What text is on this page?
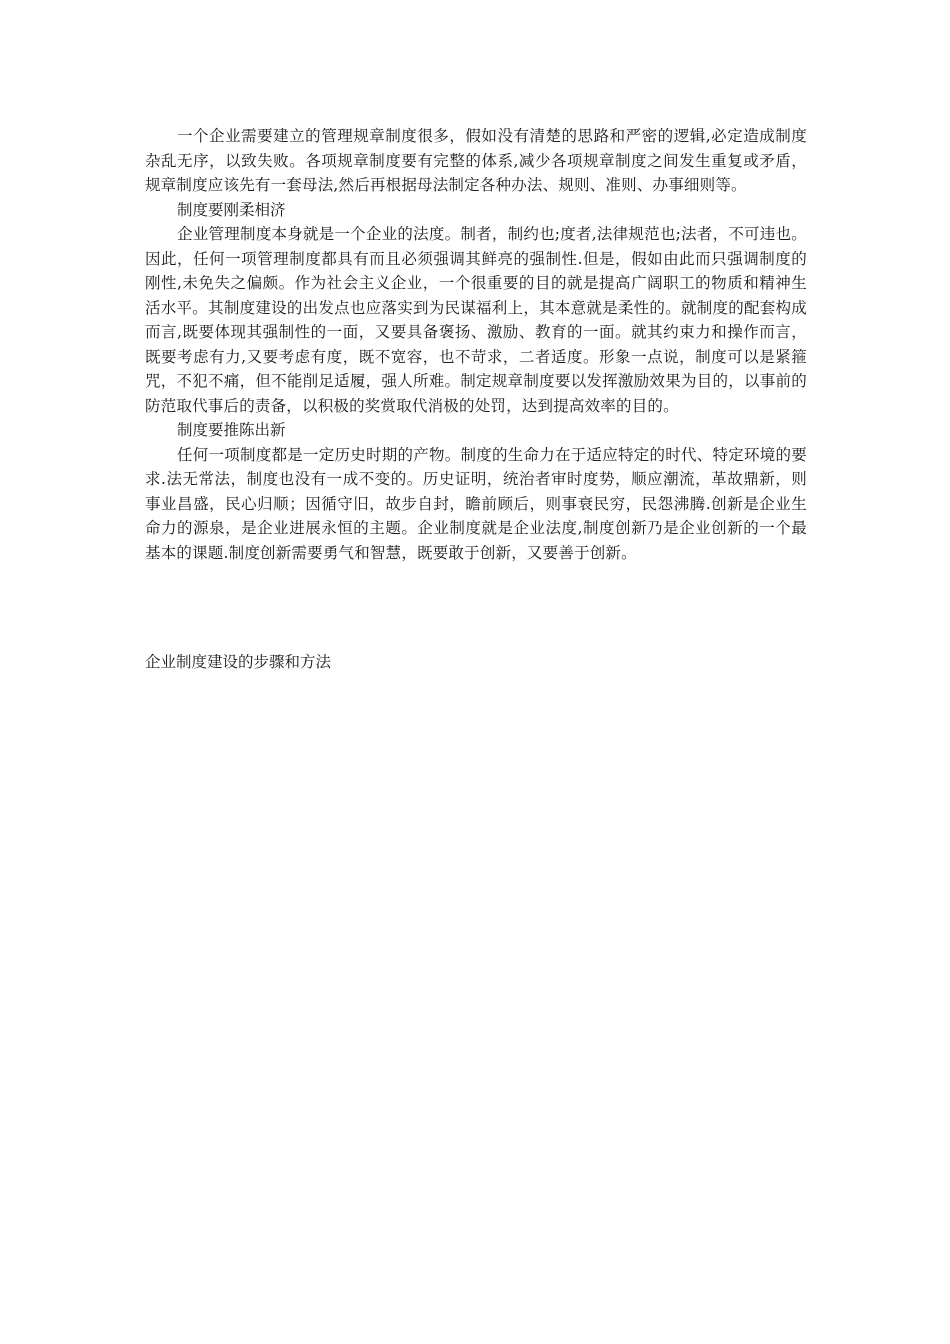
一个企业需要建立的管理规章制度很多，假如没有清楚的思路和严密的逻辑,必定造成制度杂乱无序，以致失败。各项规章制度要有完整的体系,减少各项规章制度之间发生重复或矛盾，规章制度应该先有一套母法,然后再根据母法制定各种办法、规则、准则、办事细则等。

制度要刚柔相济

企业管理制度本身就是一个企业的法度。制者，制约也;度者,法律规范也;法者，不可违也。因此，任何一项管理制度都具有而且必须强调其鲜亮的强制性.但是，假如由此而只强调制度的刚性,未免失之偏颇。作为社会主义企业，一个很重要的目的就是提高广阔职工的物质和精神生活水平。其制度建设的出发点也应落实到为民谋福利上，其本意就是柔性的。就制度的配套构成而言,既要体现其强制性的一面，又要具备褒扬、激励、教育的一面。就其约束力和操作而言，既要考虑有力,又要考虑有度，既不宽容，也不苛求，二者适度。形象一点说，制度可以是紧箍咒，不犯不痛，但不能削足适履，强人所难。制定规章制度要以发挥激励效果为目的，以事前的防范取代事后的责备，以积极的奖赏取代消极的处罚，达到提高效率的目的。

制度要推陈出新

任何一项制度都是一定历史时期的产物。制度的生命力在于适应特定的时代、特定环境的要求.法无常法，制度也没有一成不变的。历史证明，统治者审时度势，顺应潮流，革故鼎新，则事业昌盛，民心归顺；因循守旧，故步自封，瞻前顾后，则事衰民穷，民怨沸腾.创新是企业生命力的源泉，是企业进展永恒的主题。企业制度就是企业法度,制度创新乃是企业创新的一个最基本的课题.制度创新需要勇气和智慧，既要敢于创新，又要善于创新。

企业制度建设的步骤和方法
